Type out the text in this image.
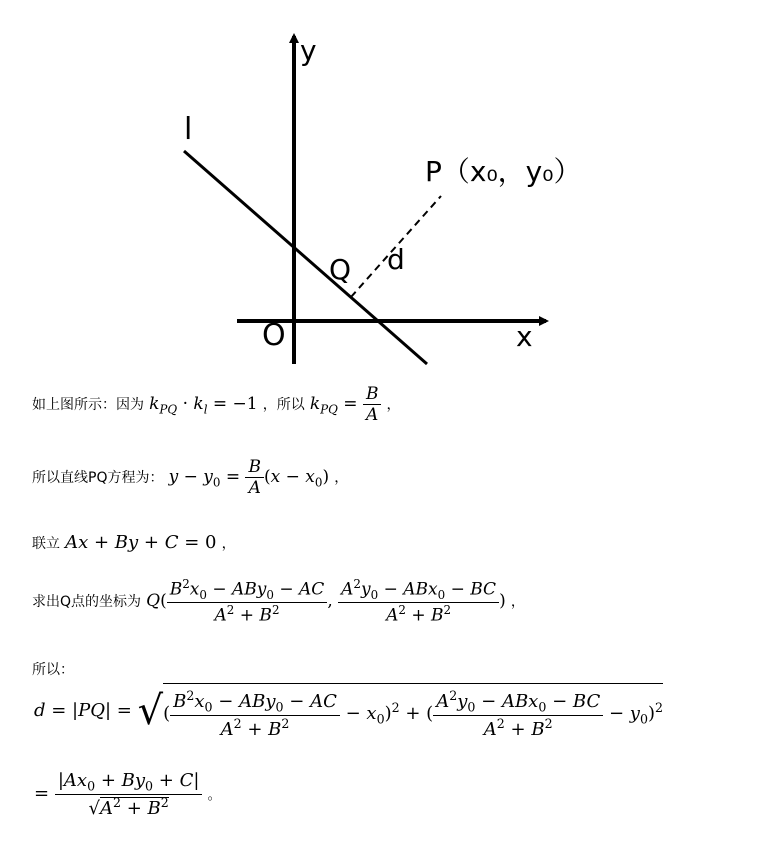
y
x
O
l
P（x₀，y₀）
Q d
如上图所示：因为 $k_{PQ} \cdot k_l = -1$ ，所以 $k_{PQ} = \frac{B}{A}$ ，
所以直线PQ方程为： $y - y_0 = \frac{B}{A} (x - x_0)$ ，
联立 Ax + By + C = 0 ，
求出Q点的坐标为 $Q( \frac{B^2x_0 - ABy_0 - AC}{A^2 + B^2}$ , $\frac{A^2y_0 - ABx_0 - BC}{A^2 + B^2}$ ) ，
所以：
d = |PQ| = √( $\frac{B^2x_0 - ABy_0 - AC}{A^2 + B^2} - x_0)^2$ + ( $\frac{A^2y_0 - ABx_0 - BC}{A^2 + B^2} - y_0)^2$
= $\frac{|Ax_0 + By_0 + C|}{√A^2 + B^2}$ 。
